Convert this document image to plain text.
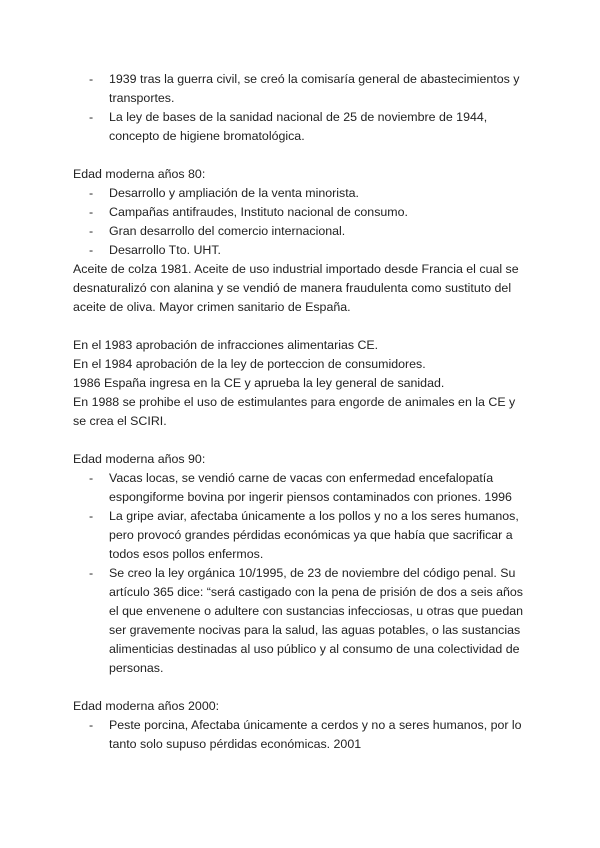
- 1939 tras la guerra civil, se creó la comisaría general de abastecimientos y transportes.
- La ley de bases de la sanidad nacional de 25 de noviembre de 1944, concepto de higiene bromatológica.

Edad moderna años 80:

- Desarrollo y ampliación de la venta minorista.
- Campañas antifraudes, Instituto nacional de consumo.
- Gran desarrollo del comercio internacional.
- Desarrollo Tto. UHT.

Aceite de colza 1981. Aceite de uso industrial importado desde Francia el cual se desnaturalizó con alanina y se vendió de manera fraudulenta como sustituto del aceite de oliva. Mayor crimen sanitario de España.

En el 1983 aprobación de infracciones alimentarias CE.

En el 1984 aprobación de la ley de porteccion de consumidores.

1986 España ingresa en la CE y aprueba la ley general de sanidad.

En 1988 se prohibe el uso de estimulantes para engorde de animales en la CE y se crea el SCIRI.

Edad moderna años 90:

- Vacas locas, se vendió carne de vacas con enfermedad encefalopatía espongiforme bovina por ingerir piensos contaminados con priones. 1996
- La gripe aviar, afectaba únicamente a los pollos y no a los seres humanos, pero provocó grandes pérdidas económicas ya que había que sacrificar a todos esos pollos enfermos.
- Se creo la ley orgánica 10/1995, de 23 de noviembre del código penal. Su artículo 365 dice: “será castigado con la pena de prisión de dos a seis años el que envenene o adultere con sustancias infecciosas, u otras que puedan ser gravemente nocivas para la salud, las aguas potables, o las sustancias alimenticias destinadas al uso público y al consumo de una colectividad de personas.

Edad moderna años 2000:

- Peste porcina, Afectaba únicamente a cerdos y no a seres humanos, por lo tanto solo supuso pérdidas económicas. 2001
